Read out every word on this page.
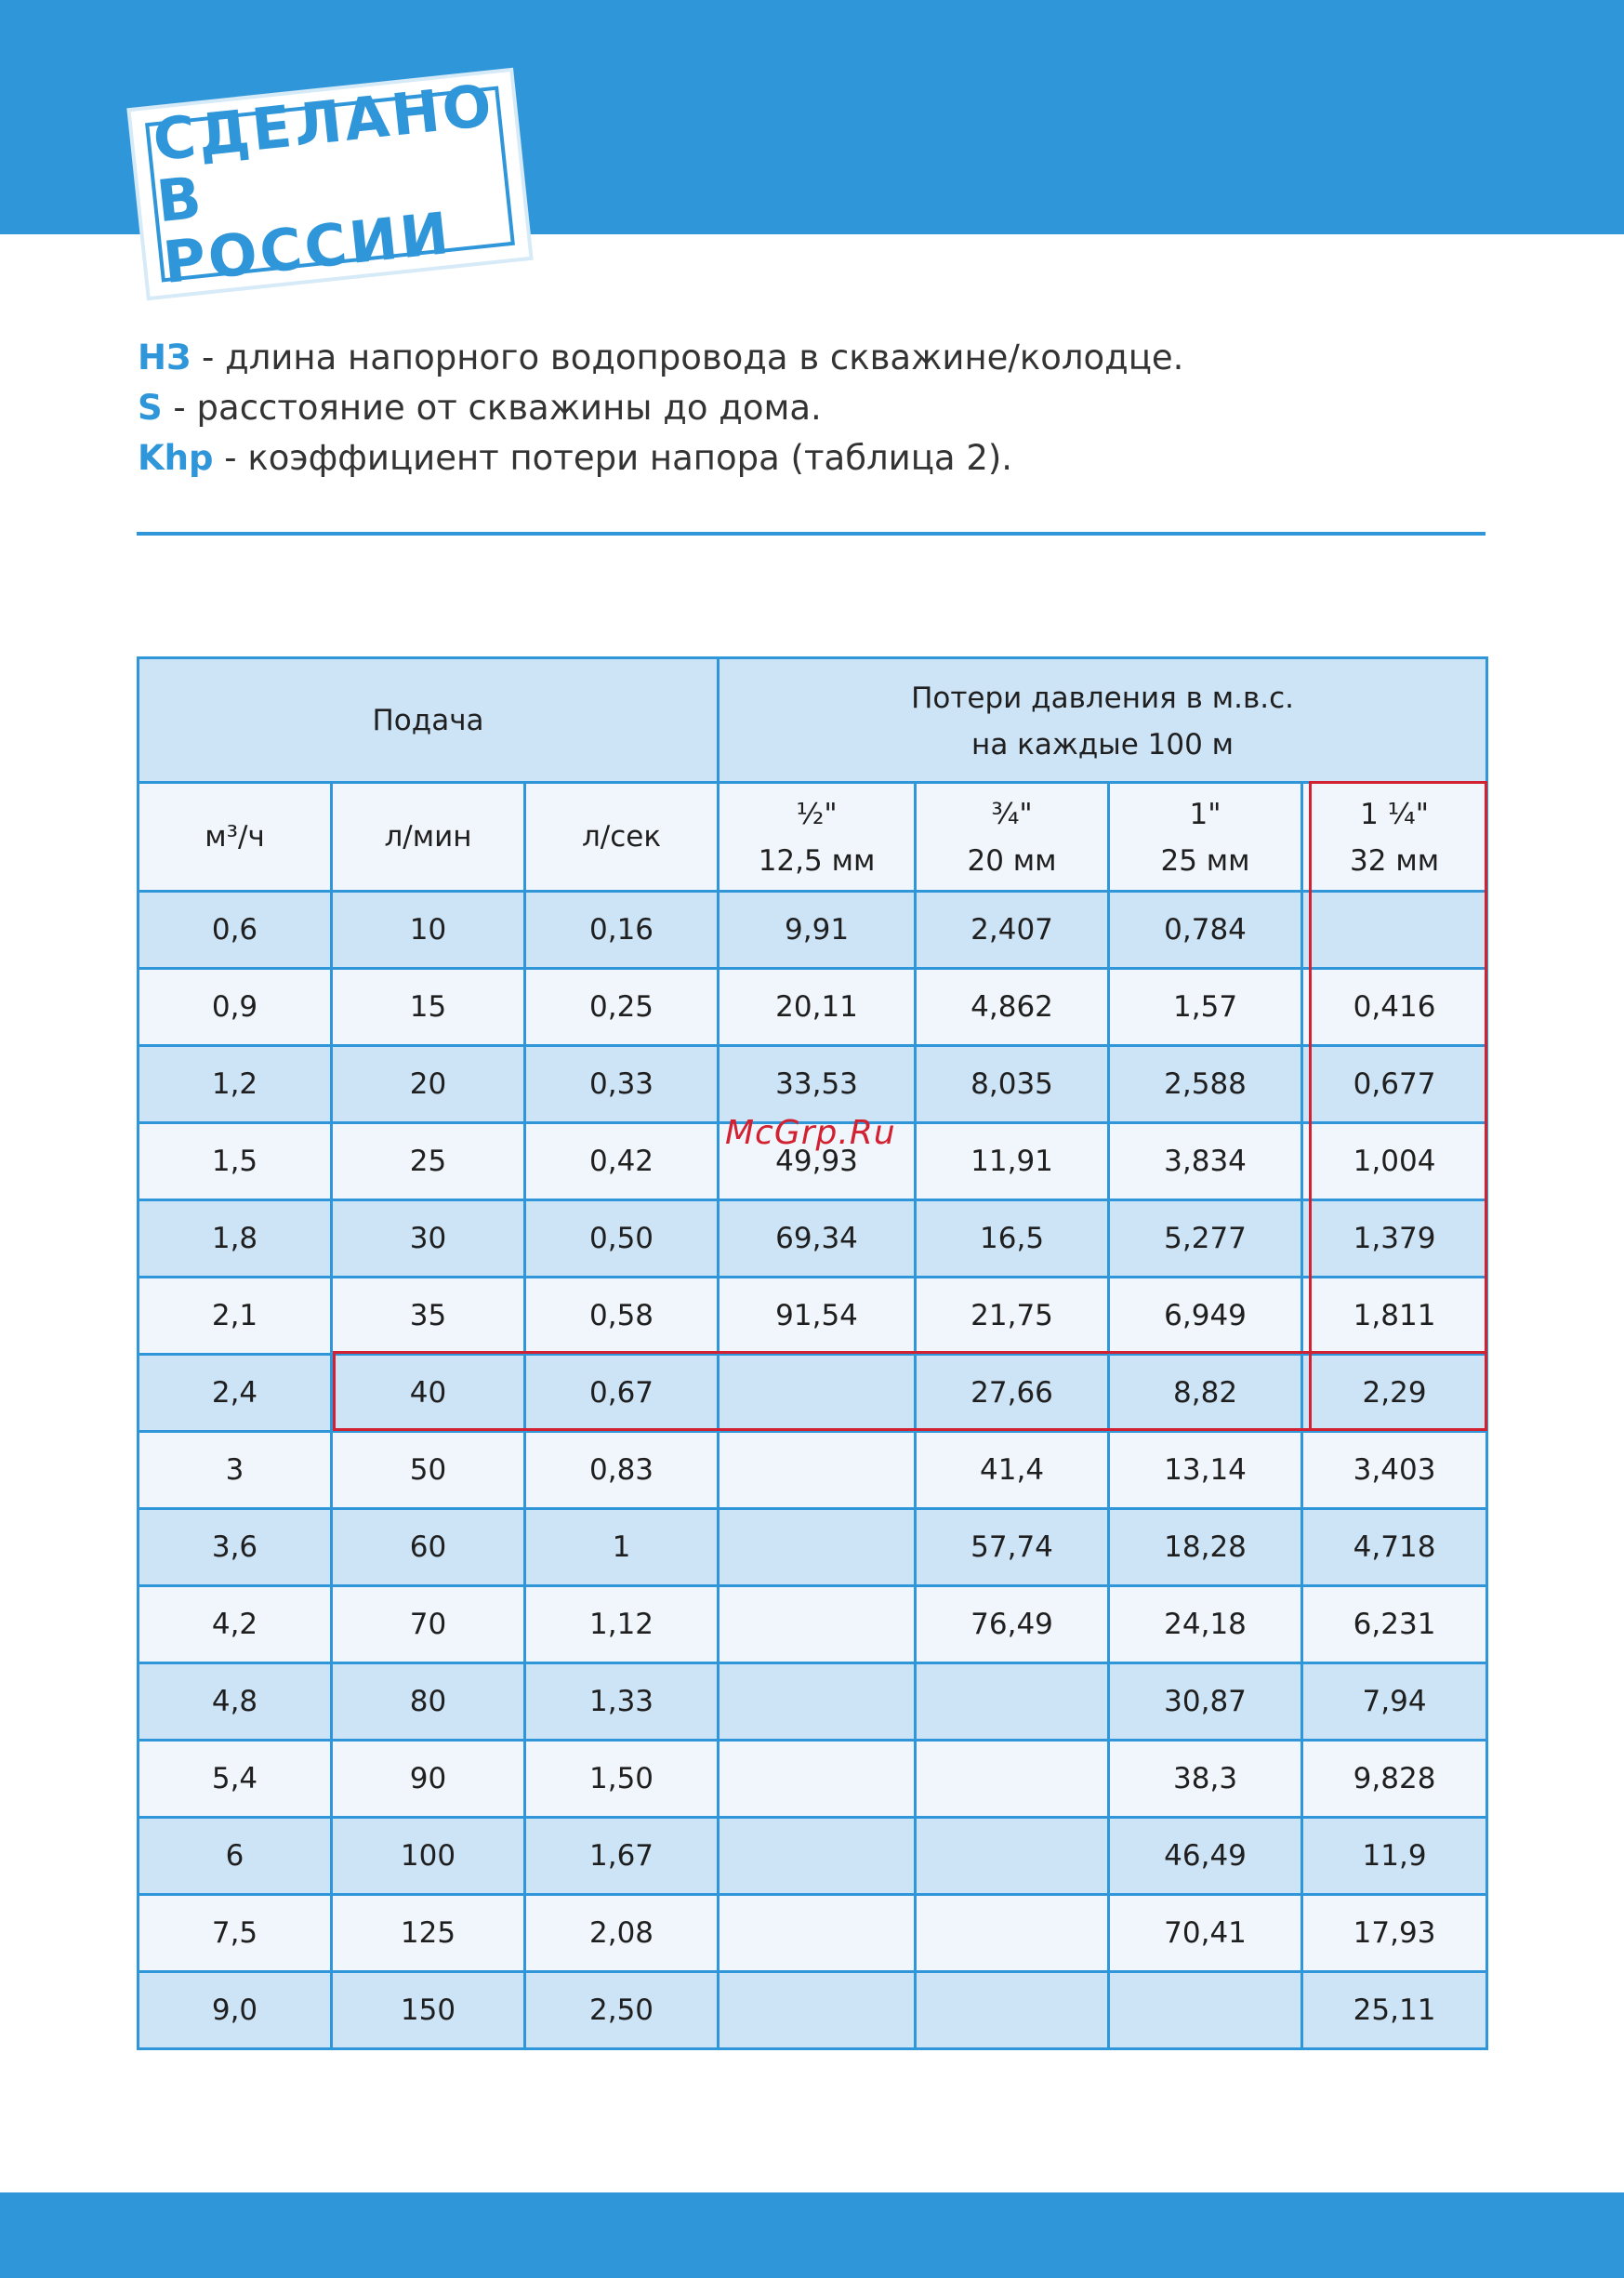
СДЕЛАНО
В РОССИИ
НЗ - длина напорного водопровода в скважине/колодце.
S - расстояние от скважины до дома.
Khp - коэффициент потери напора (таблица 2).
Подача			Потери давления в м.в.с.
на каждые 100 м			

м³/ч	л/мин	л/сек	½"
12,5 мм	¾"
20 мм	1"
25 мм	1 ¼"
32 мм

0,6	10	0,16	9,91	2,407	0,784	
0,9	15	0,25	20,11	4,862	1,57	0,416
1,2	20	0,33	33,53	8,035	2,588	0,677
1,5	25	0,42	49,93	11,91	3,834	1,004
1,8	30	0,50	69,34	16,5	5,277	1,379
2,1	35	0,58	91,54	21,75	6,949	1,811
2,4	40	0,67		27,66	8,82	2,29
3	50	0,83		41,4	13,14	3,403
3,6	60	1		57,74	18,28	4,718
4,2	70	1,12		76,49	24,18	6,231
4,8	80	1,33			30,87	7,94
5,4	90	1,50			38,3	9,828
6	100	1,67			46,49	11,9
7,5	125	2,08			70,41	17,93
9,0	150	2,50				25,11
McGrp.Ru
